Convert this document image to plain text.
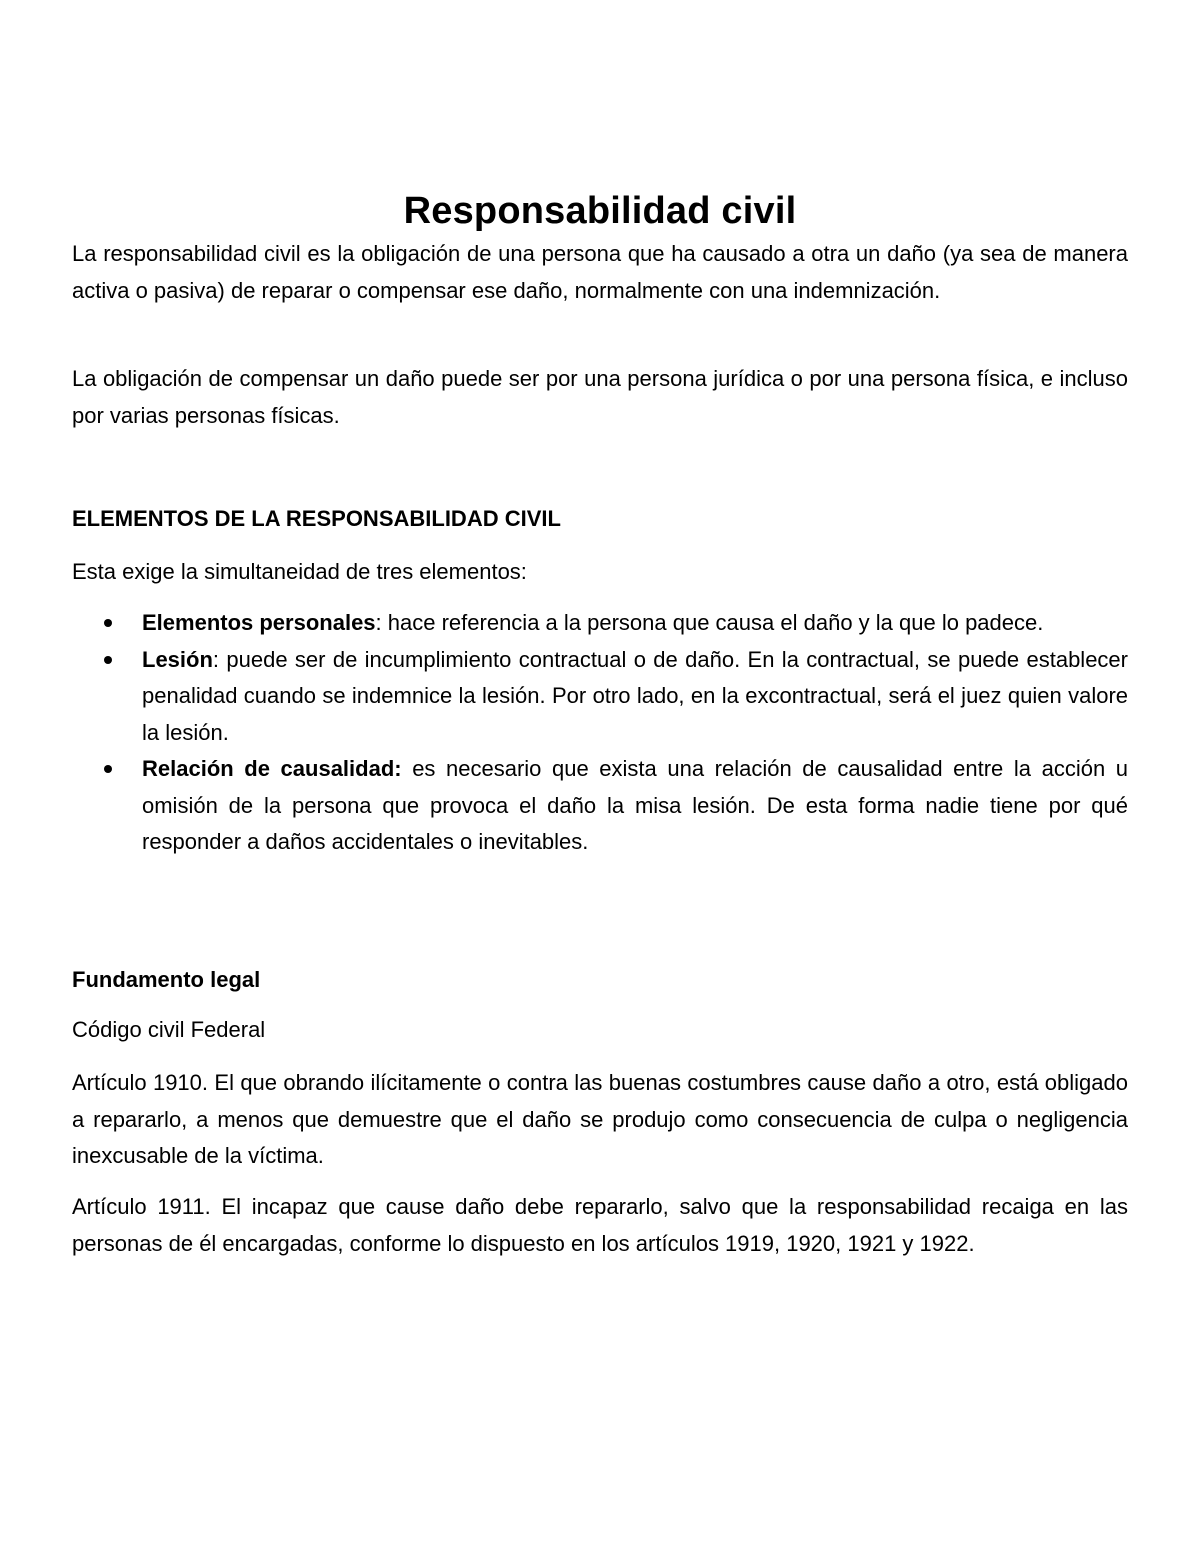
Responsabilidad civil

La responsabilidad civil es la obligación de una persona que ha causado a otra un daño (ya sea de manera activa o pasiva) de reparar o compensar ese daño, normalmente con una indemnización.

La obligación de compensar un daño puede ser por una persona jurídica o por una persona física, e incluso por varias personas físicas.

ELEMENTOS DE LA RESPONSABILIDAD CIVIL

Esta exige la simultaneidad de tres elementos:

Elementos personales: hace referencia a la persona que causa el daño y la que lo padece.
Lesión: puede ser de incumplimiento contractual o de daño. En la contractual, se puede establecer penalidad cuando se indemnice la lesión. Por otro lado, en la excontractual, será el juez quien valore la lesión.
Relación de causalidad: es necesario que exista una relación de causalidad entre la acción u omisión de la persona que provoca el daño la misa lesión. De esta forma nadie tiene por qué responder a daños accidentales o inevitables.
Fundamento legal

Código civil Federal

Artículo 1910. El que obrando ilícitamente o contra las buenas costumbres cause daño a otro, está obligado a repararlo, a menos que demuestre que el daño se produjo como consecuencia de culpa o negligencia inexcusable de la víctima.

Artículo 1911. El incapaz que cause daño debe repararlo, salvo que la responsabilidad recaiga en las personas de él encargadas, conforme lo dispuesto en los artículos 1919, 1920, 1921 y 1922.
